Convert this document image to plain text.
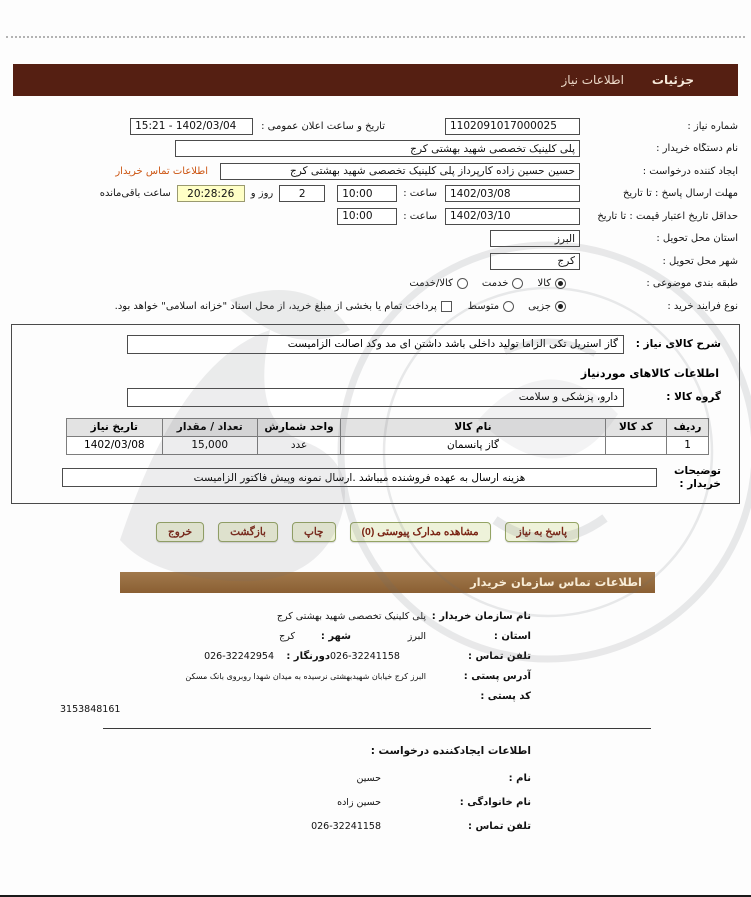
جزئیات
اطلاعات نیاز
شماره نیاز :
1102091017000025
تاریخ و ساعت اعلان عمومی :
15:21 - 1402/03/04
نام دستگاه خریدار :
پلی کلینیک تخصصی شهید بهشتی کرج
ایجاد کننده درخواست :
حسین حسین زاده کارپرداز پلی کلینیک تخصصی شهید بهشتی کرج
اطلاعات تماس خریدار
مهلت ارسال پاسخ : تا تاریخ
1402/03/08
ساعت :
10:00
2
روز و
20:28:26
ساعت باقی‌مانده
حداقل تاریخ اعتبار قیمت : تا تاریخ
1402/03/10
ساعت :
10:00
استان محل تحویل :
البرز
شهر محل تحویل :
کرج
طبقه بندی موضوعی :
کالا
خدمت
کالا/خدمت
نوع فرآیند خرید :
جزیی
متوسط
پرداخت تمام یا بخشی از مبلغ خرید، از محل اسناد "خزانه اسلامی" خواهد بود.
شرح کالای نیاز :
گاز استریل تکی الزاما تولید داخلی باشد داشتن ای مد وکد اصالت الزامیست
اطلاعات کالاهای موردنیاز
گروه کالا :
دارو، پزشکی و سلامت
ردیف	کد کالا	نام کالا	واحد شمارش	تعداد / مقدار	تاریخ نیاز
1		گاز پانسمان	عدد	15,000	1402/03/08
توضیحات خریدار :
هزینه ارسال به عهده فروشنده میباشد .ارسال نمونه وپیش فاکتور الزامیست
پاسخ به نیاز
مشاهده مدارک پیوستی (0)
چاپ
بازگشت
خروج
اطلاعات تماس سازمان خریدار
نام سازمان خریدار :
پلی کلینیک تخصصی شهید بهشتی کرج
استان :
البرز
شهر :
کرج
تلفن تماس :
026-32241158
دورنگار :
026-32242954
آدرس پستی :
البرز کرج خیابان شهیدبهشتی نرسیده به میدان شهدا روبروی بانک مسکن
کد پستی :
3153848161
اطلاعات ایجادکننده درخواست :
نام :
حسین
نام خانوادگی :
حسین زاده
تلفن تماس :
026-32241158
